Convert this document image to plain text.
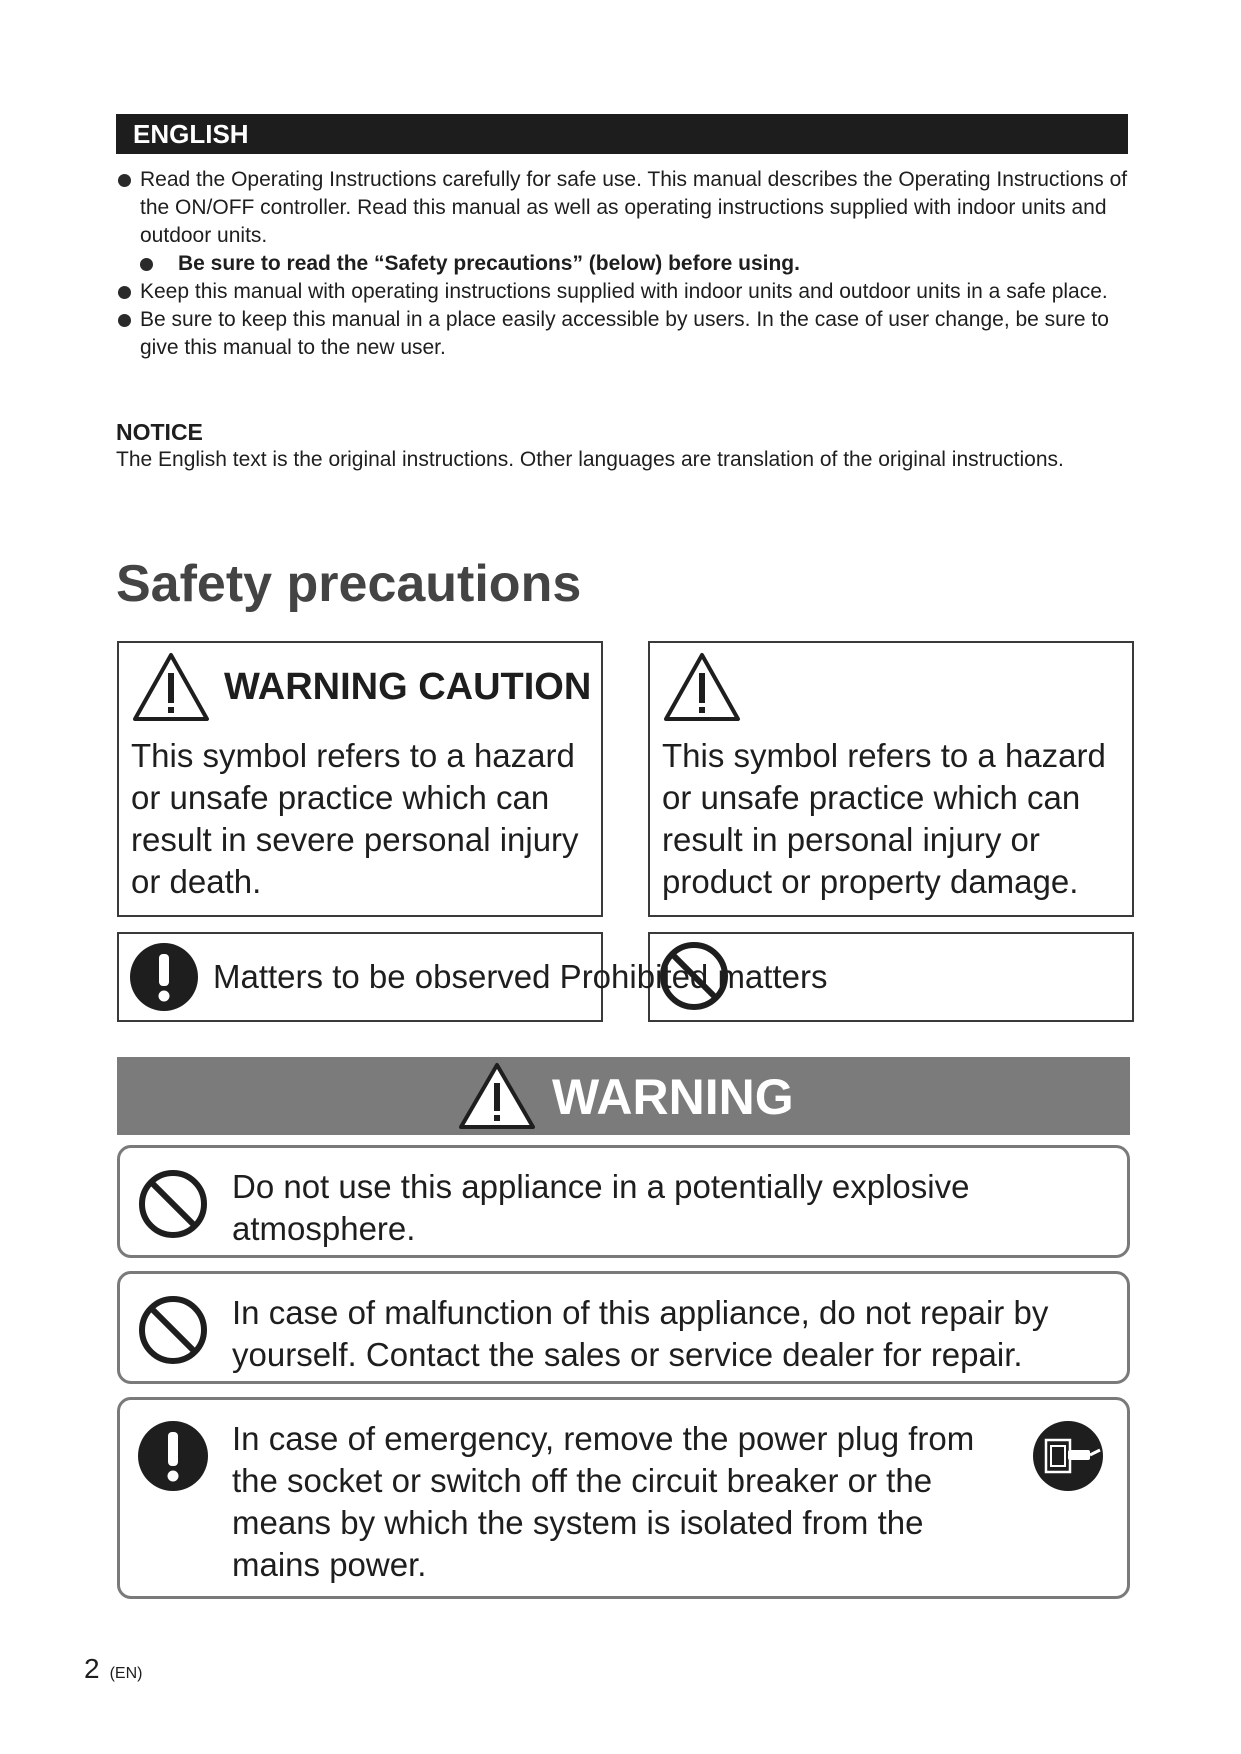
ENGLISH
Read the Operating Instructions carefully for safe use. This manual describes the Operating Instructions of the ON/OFF controller. Read this manual as well as operating instructions supplied with indoor units and outdoor units.
Be sure to read the “Safety precautions” (below) before using.
Keep this manual with operating instructions supplied with indoor units and outdoor units in a safe place.
Be sure to keep this manual in a place easily accessible by users. In the case of user change, be sure to give this manual to the new user.
NOTICE
The English text is the original instructions. Other languages are translation of the original instructions.
Safety precautions
This symbol refers to a hazard or unsafe practice which can result in severe personal injury or death.
This symbol refers to a hazard or unsafe practice which can result in personal injury or product or property damage.
WARNING CAUTION
Matters to be observed Prohibited matters
WARNING
Do not use this appliance in a potentially explosive atmosphere.
In case of malfunction of this appliance, do not repair by yourself. Contact the sales or service dealer for repair.
In case of emergency, remove the power plug from the socket or switch off the circuit breaker or the means by which the system is isolated from the mains power.
2 (EN)
